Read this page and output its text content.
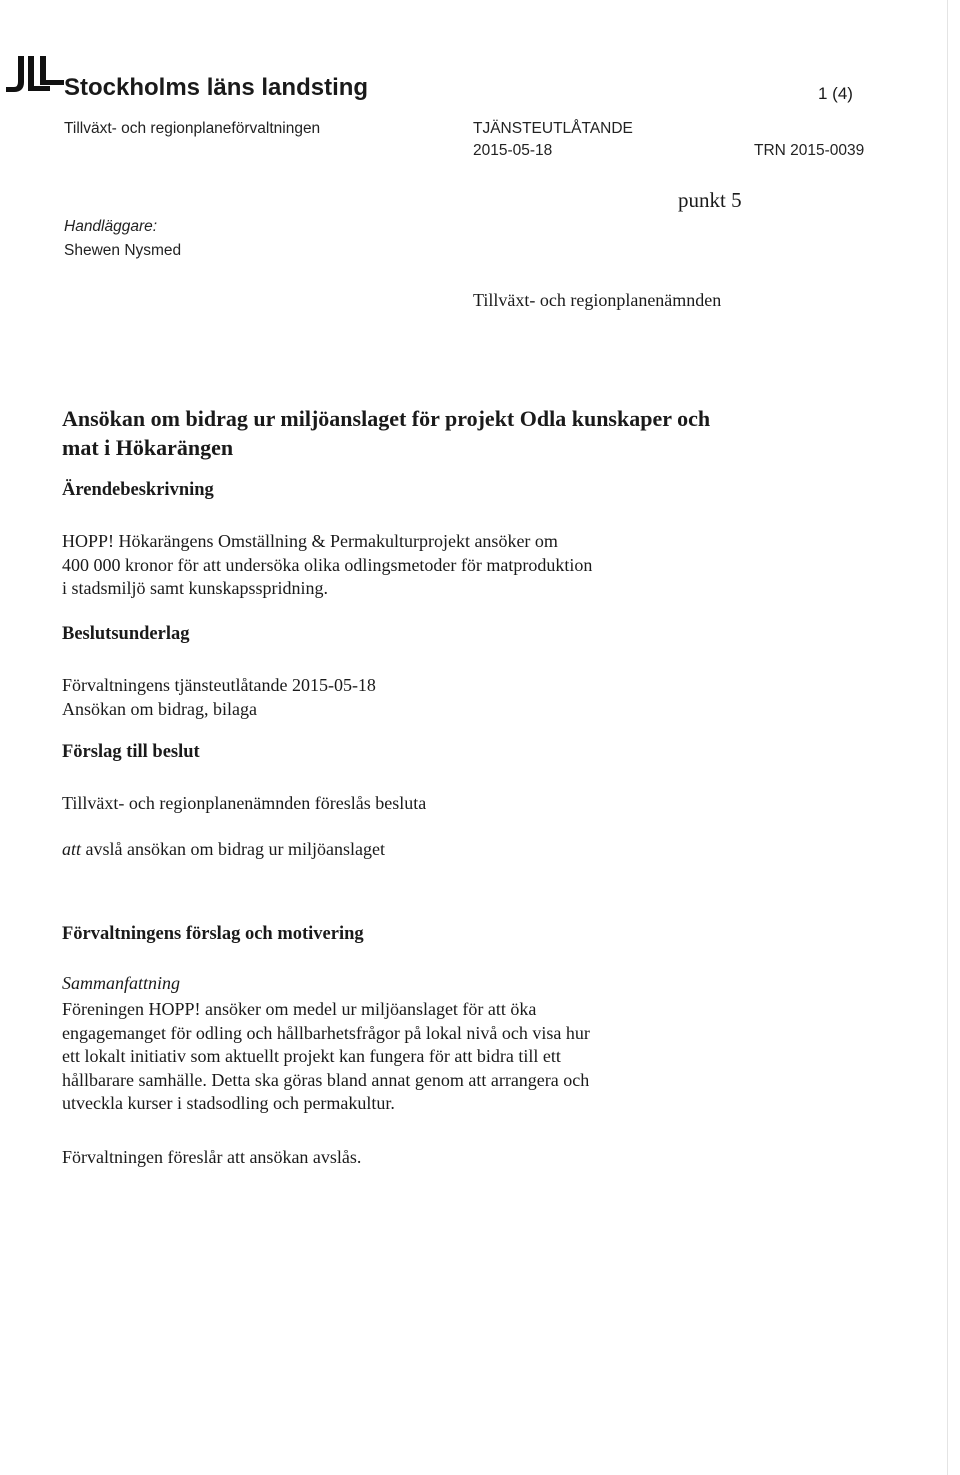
Stockholms läns landsting	1 (4)
Tillväxt- och regionplaneförvaltningen	TJÄNSTEUTLÅTANDE
2015-05-18	TRN 2015-0039
punkt 5
Handläggare:
Shewen Nysmed
Tillväxt- och regionplanenämnden
Ansökan om bidrag ur miljöanslaget för projekt Odla kunskaper och mat i Hökarängen
Ärendebeskrivning
HOPP! Hökarängens Omställning & Permakulturprojekt ansöker om
400 000 kronor för att undersöka olika odlingsmetoder för matproduktion
i stadsmiljö samt kunskapsspridning.
Beslutsunderlag
Förvaltningens tjänsteutlåtande 2015-05-18
Ansökan om bidrag, bilaga
Förslag till beslut
Tillväxt- och regionplanenämnden föreslås besluta
att avslå ansökan om bidrag ur miljöanslaget
Förvaltningens förslag och motivering
Sammanfattning
Föreningen HOPP! ansöker om medel ur miljöanslaget för att öka
engagemanget för odling och hållbarhetsfrågor på lokal nivå och visa hur
ett lokalt initiativ som aktuellt projekt kan fungera för att bidra till ett
hållbarare samhälle. Detta ska göras bland annat genom att arrangera och
utveckla kurser i stadsodling och permakultur.
Förvaltningen föreslår att ansökan avslås.
